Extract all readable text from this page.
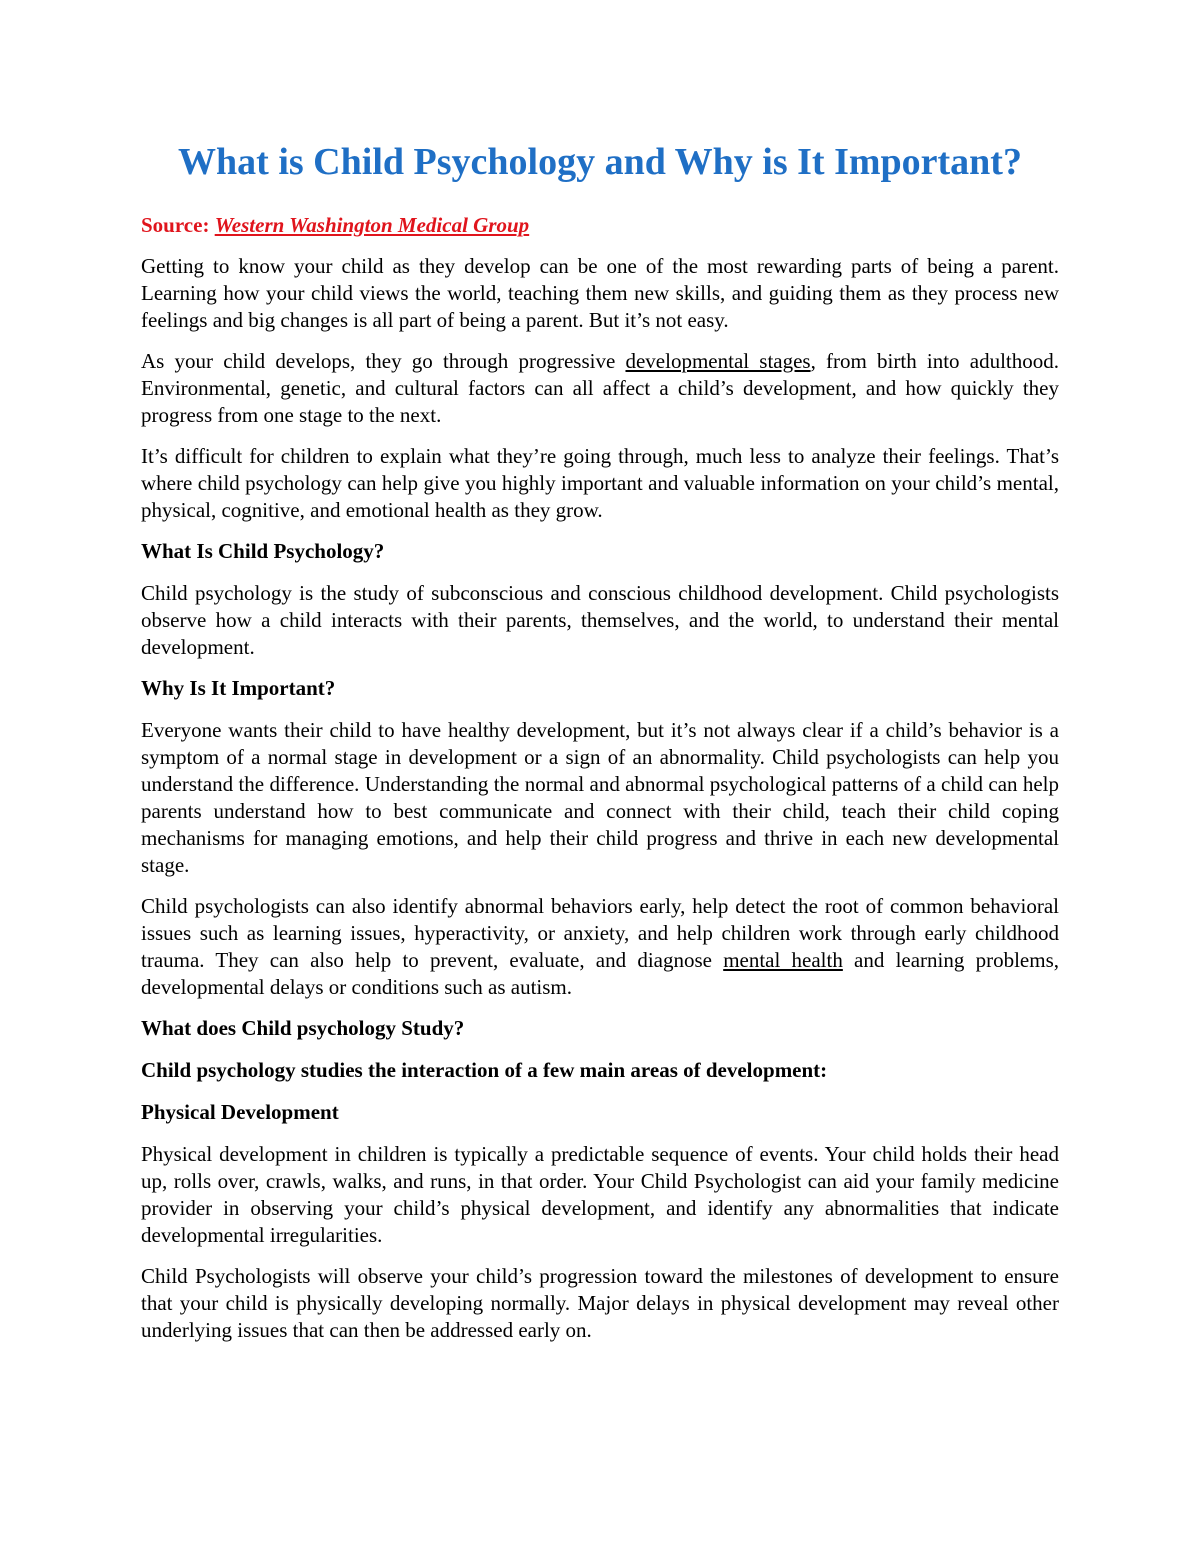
What is Child Psychology and Why is It Important?
Source: Western Washington Medical Group

Getting to know your child as they develop can be one of the most rewarding parts of being a parent. Learning how your child views the world, teaching them new skills, and guiding them as they process new feelings and big changes is all part of being a parent. But it’s not easy.

As your child develops, they go through progressive developmental stages, from birth into adulthood. Environmental, genetic, and cultural factors can all affect a child’s development, and how quickly they progress from one stage to the next.

It’s difficult for children to explain what they’re going through, much less to analyze their feelings. That’s where child psychology can help give you highly important and valuable information on your child’s mental, physical, cognitive, and emotional health as they grow.

What Is Child Psychology?

Child psychology is the study of subconscious and conscious childhood development. Child psychologists observe how a child interacts with their parents, themselves, and the world, to understand their mental development.

Why Is It Important?

Everyone wants their child to have healthy development, but it’s not always clear if a child’s behavior is a symptom of a normal stage in development or a sign of an abnormality. Child psychologists can help you understand the difference. Understanding the normal and abnormal psychological patterns of a child can help parents understand how to best communicate and connect with their child, teach their child coping mechanisms for managing emotions, and help their child progress and thrive in each new developmental stage.

Child psychologists can also identify abnormal behaviors early, help detect the root of common behavioral issues such as learning issues, hyperactivity, or anxiety, and help children work through early childhood trauma. They can also help to prevent, evaluate, and diagnose mental health and learning problems, developmental delays or conditions such as autism.

What does Child psychology Study?

Child psychology studies the interaction of a few main areas of development:

Physical Development

Physical development in children is typically a predictable sequence of events. Your child holds their head up, rolls over, crawls, walks, and runs, in that order. Your Child Psychologist can aid your family medicine provider in observing your child’s physical development, and identify any abnormalities that indicate developmental irregularities.

Child Psychologists will observe your child’s progression toward the milestones of development to ensure that your child is physically developing normally. Major delays in physical development may reveal other underlying issues that can then be addressed early on.
